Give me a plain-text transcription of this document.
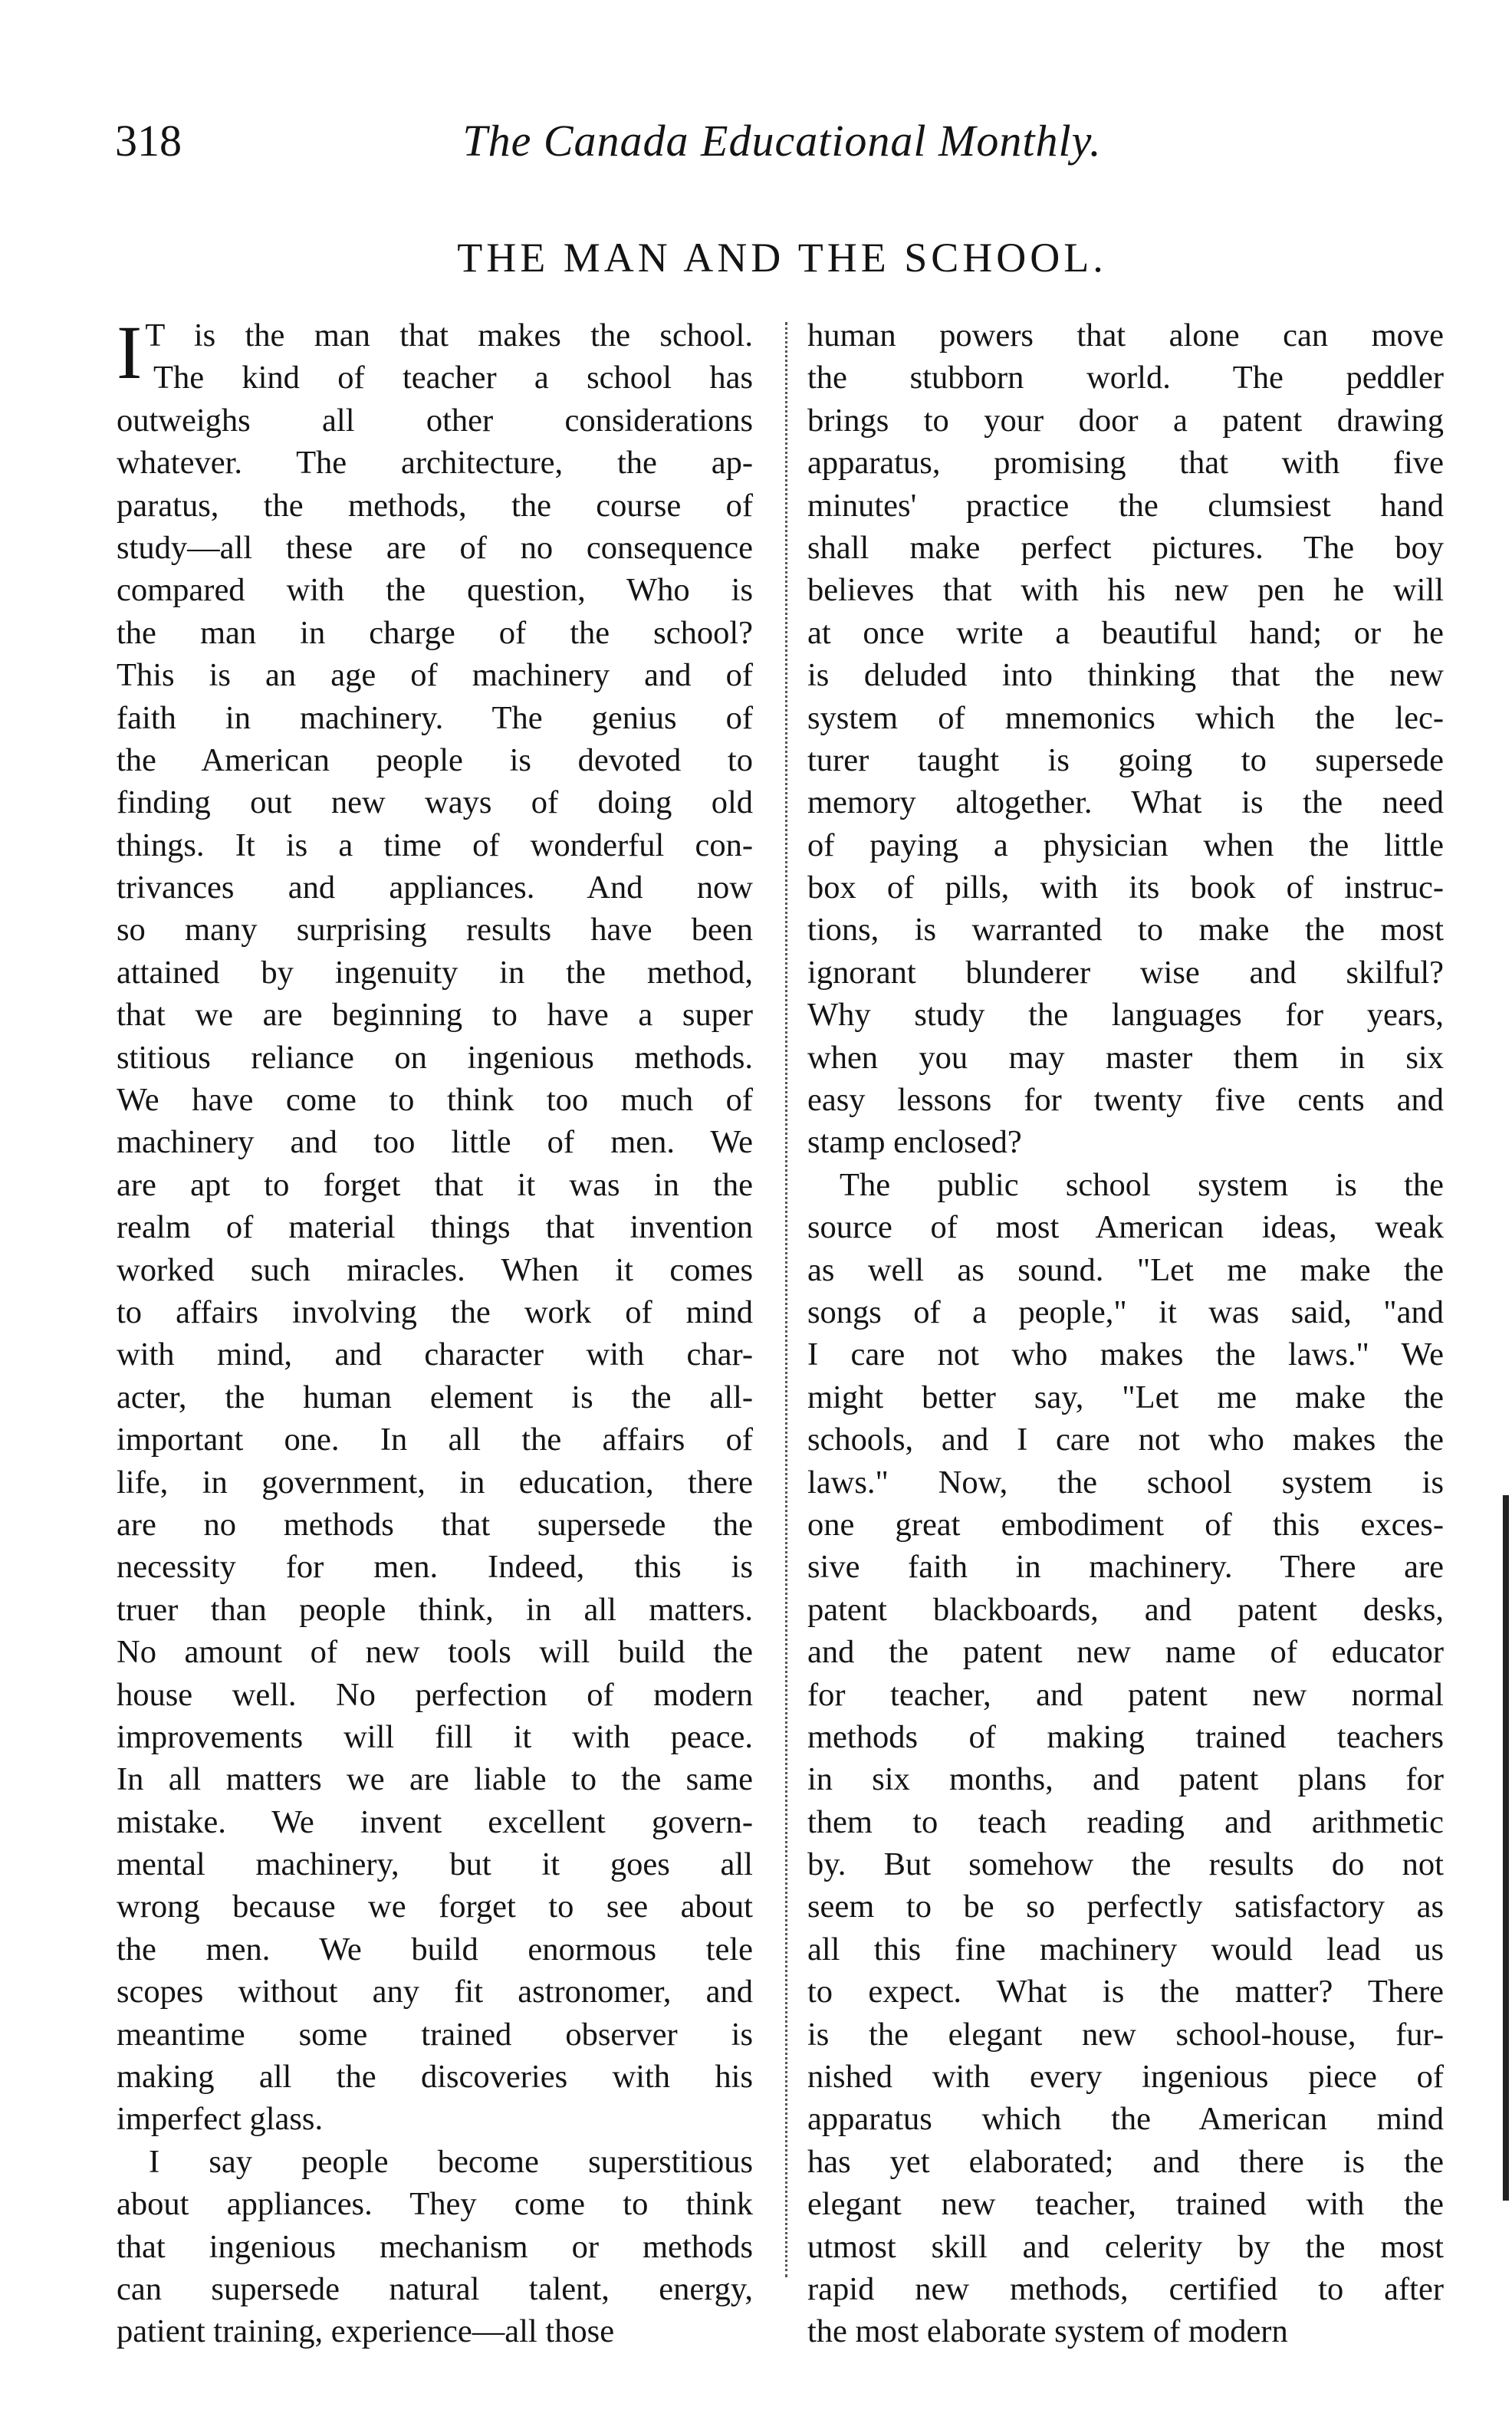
318	The Canada Educational Monthly.
THE MAN AND THE SCHOOL.
I T is the man that makes the school.
The kind of teacher a school has
outweighs all other considerations
whatever. The architecture, the ap-
paratus, the methods, the course of
study—all these are of no consequence
compared with the question, Who is
the man in charge of the school?
This is an age of machinery and of
faith in machinery. The genius of
the American people is devoted to
finding out new ways of doing old
things. It is a time of wonderful con-
trivances and appliances. And now
so many surprising results have been
attained by ingenuity in the method,
that we are beginning to have a super
stitious reliance on ingenious methods.
We have come to think too much of
machinery and too little of men. We
are apt to forget that it was in the
realm of material things that invention
worked such miracles. When it comes
to affairs involving the work of mind
with mind, and character with char-
acter, the human element is the all-
important one. In all the affairs of
life, in government, in education, there
are no methods that supersede the
necessity for men. Indeed, this is
truer than people think, in all matters.
No amount of new tools will build the
house well. No perfection of modern
improvements will fill it with peace.
In all matters we are liable to the same
mistake. We invent excellent govern-
mental machinery, but it goes all
wrong because we forget to see about
the men. We build enormous tele
scopes without any fit astronomer, and
meantime some trained observer is
making all the discoveries with his
imperfect glass.
I say people become superstitious
about appliances. They come to think
that ingenious mechanism or methods
can supersede natural talent, energy,
patient training, experience—all those
human powers that alone can move
the stubborn world. The peddler
brings to your door a patent drawing
apparatus, promising that with five
minutes' practice the clumsiest hand
shall make perfect pictures. The boy
believes that with his new pen he will
at once write a beautiful hand; or he
is deluded into thinking that the new
system of mnemonics which the lec-
turer taught is going to supersede
memory altogether. What is the need
of paying a physician when the little
box of pills, with its book of instruc-
tions, is warranted to make the most
ignorant blunderer wise and skilful?
Why study the languages for years,
when you may master them in six
easy lessons for twenty five cents and
stamp enclosed?
The public school system is the
source of most American ideas, weak
as well as sound. "Let me make the
songs of a people," it was said, "and
I care not who makes the laws." We
might better say, "Let me make the
schools, and I care not who makes the
laws." Now, the school system is
one great embodiment of this exces-
sive faith in machinery. There are
patent blackboards, and patent desks,
and the patent new name of educator
for teacher, and patent new normal
methods of making trained teachers
in six months, and patent plans for
them to teach reading and arithmetic
by. But somehow the results do not
seem to be so perfectly satisfactory as
all this fine machinery would lead us
to expect. What is the matter? There
is the elegant new school-house, fur-
nished with every ingenious piece of
apparatus which the American mind
has yet elaborated; and there is the
elegant new teacher, trained with the
utmost skill and celerity by the most
rapid new methods, certified to after
the most elaborate system of modern
